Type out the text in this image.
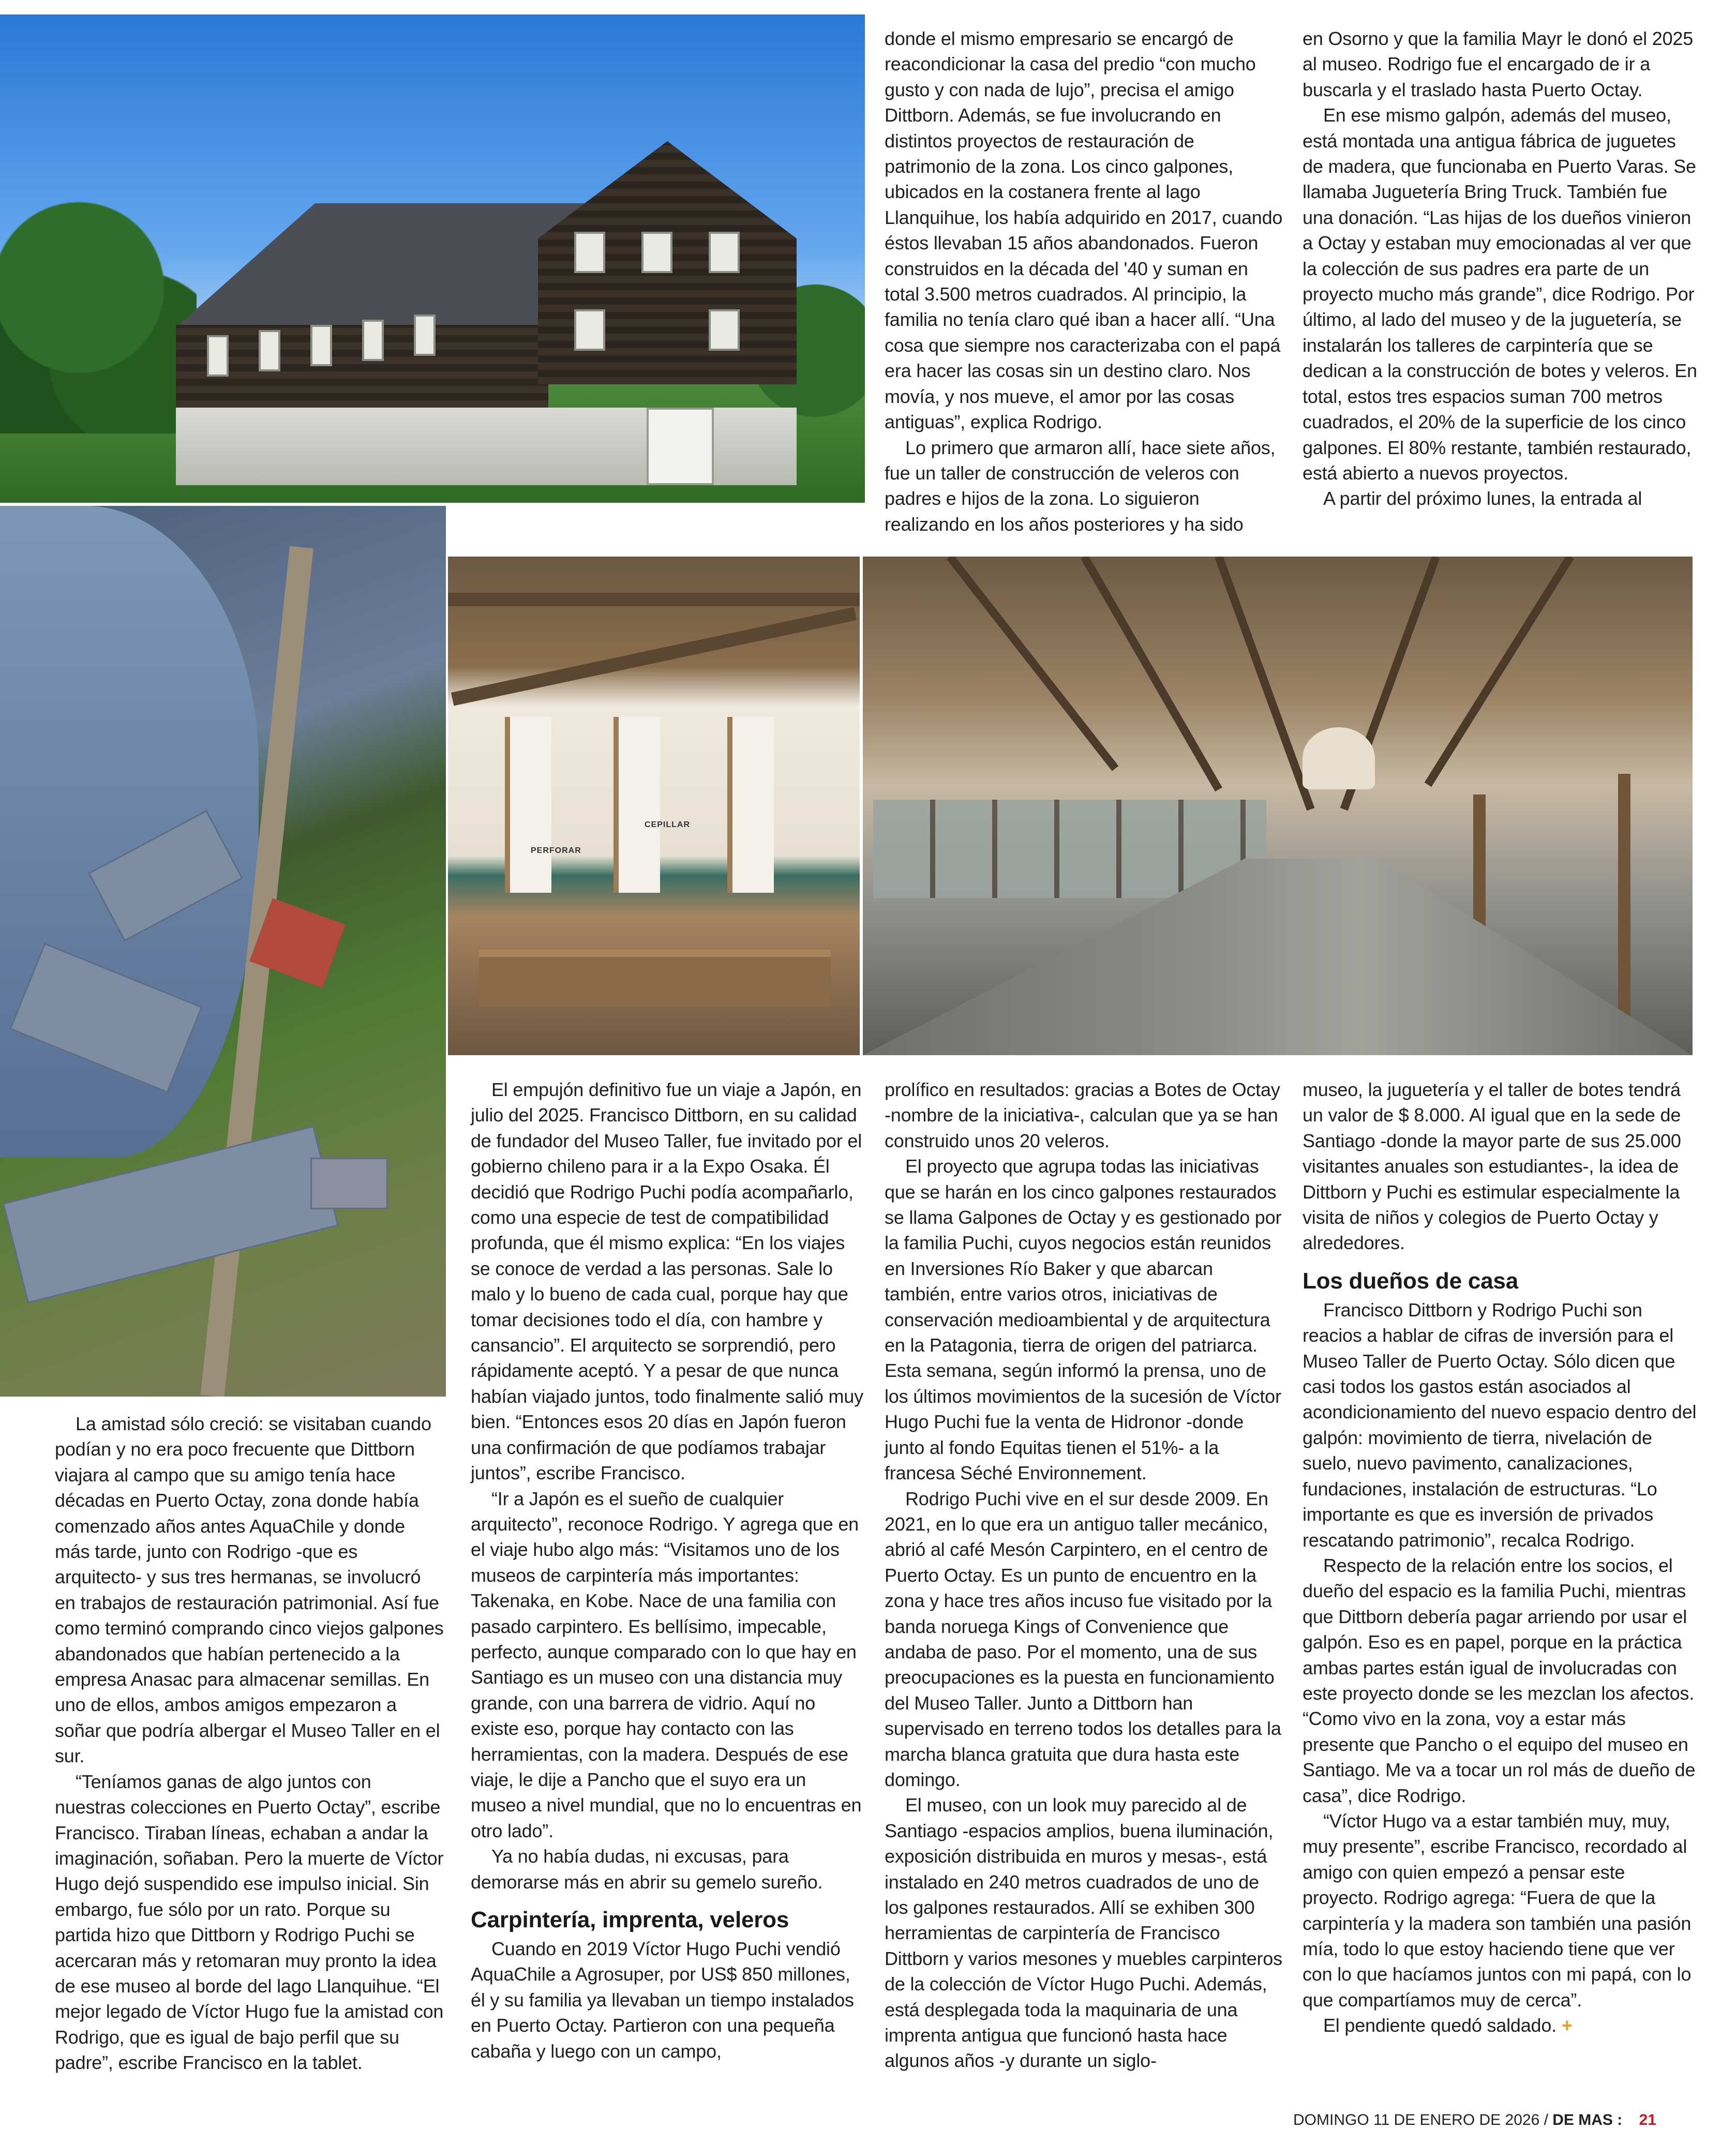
PERFORAR
CEPILLAR

La amistad sólo creció: se visitaban cuando podían y no era poco frecuente que Dittborn viajara al campo que su amigo tenía hace décadas en Puerto Octay, zona donde había comenzado años antes AquaChile y donde más tarde, junto con Rodrigo -que es arquitecto- y sus tres hermanas, se involucró en trabajos de restauración patrimonial. Así fue como terminó comprando cinco viejos galpones abandonados que habían pertenecido a la empresa Anasac para almacenar semillas. En uno de ellos, ambos amigos empezaron a soñar que podría albergar el Museo Taller en el sur.

“Teníamos ganas de algo juntos con nuestras colecciones en Puerto Octay”, escribe Francisco. Tiraban líneas, echaban a andar la imaginación, soñaban. Pero la muerte de Víctor Hugo dejó suspendido ese impulso inicial. Sin embargo, fue sólo por un rato. Porque su partida hizo que Dittborn y Rodrigo Puchi se acercaran más y retomaran muy pronto la idea de ese museo al borde del lago Llanquihue. “El mejor legado de Víctor Hugo fue la amistad con Rodrigo, que es igual de bajo perfil que su padre”, escribe Francisco en la tablet.

donde el mismo empresario se encargó de reacondicionar la casa del predio “con mucho gusto y con nada de lujo”, precisa el amigo Dittborn. Además, se fue involucrando en distintos proyectos de restauración de patrimonio de la zona. Los cinco galpones, ubicados en la costanera frente al lago Llanquihue, los había adquirido en 2017, cuando éstos llevaban 15 años abandonados. Fueron construidos en la década del '40 y suman en total 3.500 metros cuadrados. Al principio, la familia no tenía claro qué iban a hacer allí. “Una cosa que siempre nos caracterizaba con el papá era hacer las cosas sin un destino claro. Nos movía, y nos mueve, el amor por las cosas antiguas”, explica Rodrigo.

Lo primero que armaron allí, hace siete años, fue un taller de construcción de veleros con padres e hijos de la zona. Lo siguieron realizando en los años posteriores y ha sido

en Osorno y que la familia Mayr le donó el 2025 al museo. Rodrigo fue el encargado de ir a buscarla y el traslado hasta Puerto Octay.

En ese mismo galpón, además del museo, está montada una antigua fábrica de juguetes de madera, que funcionaba en Puerto Varas. Se llamaba Juguetería Bring Truck. También fue una donación. “Las hijas de los dueños vinieron a Octay y estaban muy emocionadas al ver que la colección de sus padres era parte de un proyecto mucho más grande”, dice Rodrigo. Por último, al lado del museo y de la juguetería, se instalarán los talleres de carpintería que se dedican a la construcción de botes y veleros. En total, estos tres espacios suman 700 metros cuadrados, el 20% de la superficie de los cinco galpones. El 80% restante, también restaurado, está abierto a nuevos proyectos.

A partir del próximo lunes, la entrada al

El empujón definitivo fue un viaje a Japón, en julio del 2025. Francisco Dittborn, en su calidad de fundador del Museo Taller, fue invitado por el gobierno chileno para ir a la Expo Osaka. Él decidió que Rodrigo Puchi podía acompañarlo, como una especie de test de compatibilidad profunda, que él mismo explica: “En los viajes se conoce de verdad a las personas. Sale lo malo y lo bueno de cada cual, porque hay que tomar decisiones todo el día, con hambre y cansancio”. El arquitecto se sorprendió, pero rápidamente aceptó. Y a pesar de que nunca habían viajado juntos, todo finalmente salió muy bien. “Entonces esos 20 días en Japón fueron una confirmación de que podíamos trabajar juntos”, escribe Francisco.

“Ir a Japón es el sueño de cualquier arquitecto”, reconoce Rodrigo. Y agrega que en el viaje hubo algo más: “Visitamos uno de los museos de carpintería más importantes: Takenaka, en Kobe. Nace de una familia con pasado carpintero. Es bellísimo, impecable, perfecto, aunque comparado con lo que hay en Santiago es un museo con una distancia muy grande, con una barrera de vidrio. Aquí no existe eso, porque hay contacto con las herramientas, con la madera. Después de ese viaje, le dije a Pancho que el suyo era un museo a nivel mundial, que no lo encuentras en otro lado”.

Ya no había dudas, ni excusas, para demorarse más en abrir su gemelo sureño.

Carpintería, imprenta, veleros

Cuando en 2019 Víctor Hugo Puchi vendió AquaChile a Agrosuper, por US$ 850 millones, él y su familia ya llevaban un tiempo instalados en Puerto Octay. Partieron con una pequeña cabaña y luego con un campo,

prolífico en resultados: gracias a Botes de Octay -nombre de la iniciativa-, calculan que ya se han construido unos 20 veleros.

El proyecto que agrupa todas las iniciativas que se harán en los cinco galpones restaurados se llama Galpones de Octay y es gestionado por la familia Puchi, cuyos negocios están reunidos en Inversiones Río Baker y que abarcan también, entre varios otros, iniciativas de conservación medioambiental y de arquitectura en la Patagonia, tierra de origen del patriarca. Esta semana, según informó la prensa, uno de los últimos movimientos de la sucesión de Víctor Hugo Puchi fue la venta de Hidronor -donde junto al fondo Equitas tienen el 51%- a la francesa Séché Environnement.

Rodrigo Puchi vive en el sur desde 2009. En 2021, en lo que era un antiguo taller mecánico, abrió al café Mesón Carpintero, en el centro de Puerto Octay. Es un punto de encuentro en la zona y hace tres años incuso fue visitado por la banda noruega Kings of Convenience que andaba de paso. Por el momento, una de sus preocupaciones es la puesta en funcionamiento del Museo Taller. Junto a Dittborn han supervisado en terreno todos los detalles para la marcha blanca gratuita que dura hasta este domingo.

El museo, con un look muy parecido al de Santiago -espacios amplios, buena iluminación, exposición distribuida en muros y mesas-, está instalado en 240 metros cuadrados de uno de los galpones restaurados. Allí se exhiben 300 herramientas de carpintería de Francisco Dittborn y varios mesones y muebles carpinteros de la colección de Víctor Hugo Puchi. Además, está desplegada toda la maquinaria de una imprenta antigua que funcionó hasta hace algunos años -y durante un siglo-

museo, la juguetería y el taller de botes tendrá un valor de $ 8.000. Al igual que en la sede de Santiago -donde la mayor parte de sus 25.000 visitantes anuales son estudiantes-, la idea de Dittborn y Puchi es estimular especialmente la visita de niños y colegios de Puerto Octay y alrededores.

Los dueños de casa

Francisco Dittborn y Rodrigo Puchi son reacios a hablar de cifras de inversión para el Museo Taller de Puerto Octay. Sólo dicen que casi todos los gastos están asociados al acondicionamiento del nuevo espacio dentro del galpón: movimiento de tierra, nivelación de suelo, nuevo pavimento, canalizaciones, fundaciones, instalación de estructuras. “Lo importante es que es inversión de privados rescatando patrimonio”, recalca Rodrigo.

Respecto de la relación entre los socios, el dueño del espacio es la familia Puchi, mientras que Dittborn debería pagar arriendo por usar el galpón. Eso es en papel, porque en la práctica ambas partes están igual de involucradas con este proyecto donde se les mezclan los afectos. “Como vivo en la zona, voy a estar más presente que Pancho o el equipo del museo en Santiago. Me va a tocar un rol más de dueño de casa”, dice Rodrigo.

“Víctor Hugo va a estar también muy, muy, muy presente”, escribe Francisco, recordado al amigo con quien empezó a pensar este proyecto. Rodrigo agrega: “Fuera de que la carpintería y la madera son también una pasión mía, todo lo que estoy haciendo tiene que ver con lo que hacíamos juntos con mi papá, con lo que compartíamos muy de cerca”.

El pendiente quedó saldado. +

DOMINGO 11 DE ENERO DE 2026 / DE MAS : 21
